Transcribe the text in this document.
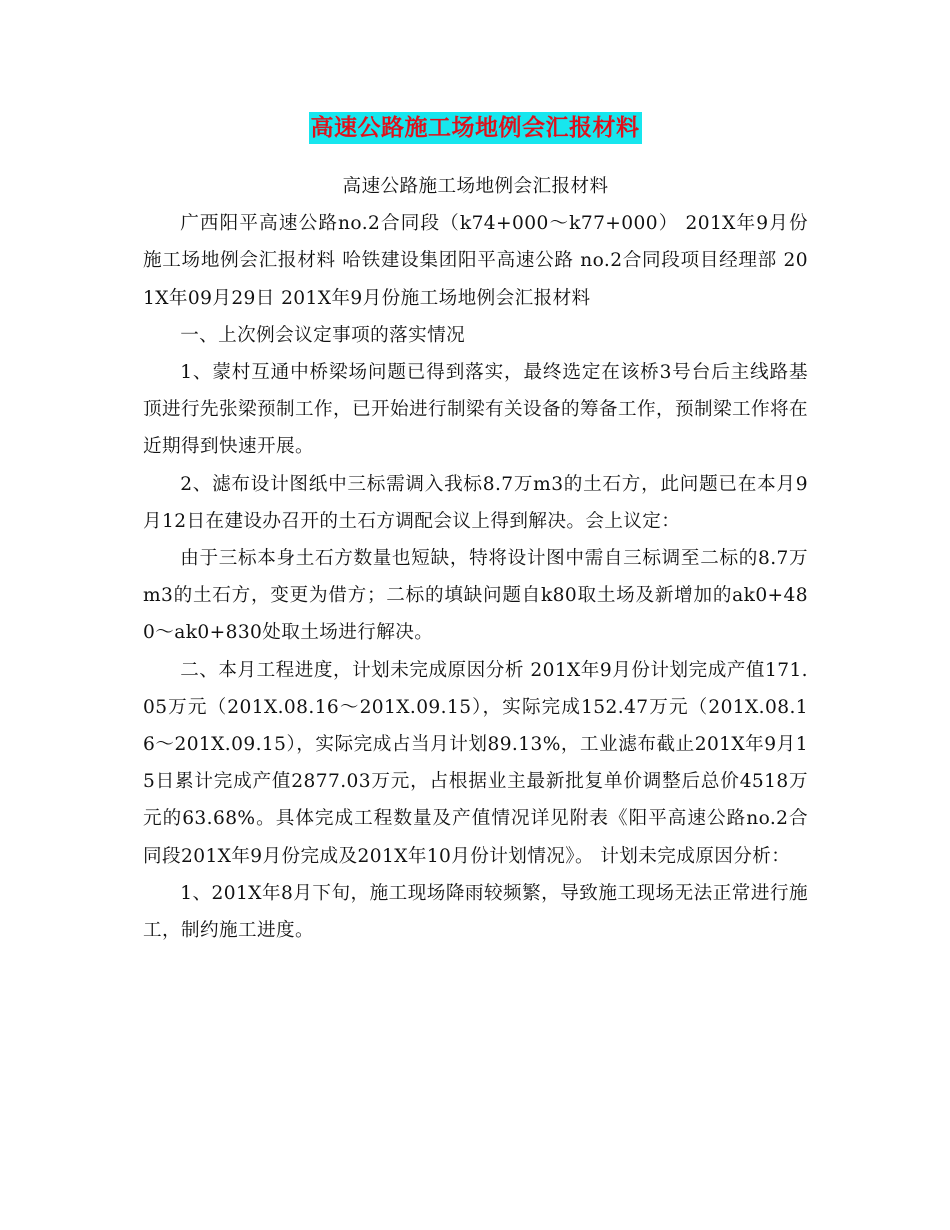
高速公路施工场地例会汇报材料

高速公路施工场地例会汇报材料

广西阳平高速公路no.2合同段（k74+000～k77+000） 201X年9月份施工场地例会汇报材料 哈铁建设集团阳平高速公路 no.2合同段项目经理部 201X年09月29日 201X年9月份施工场地例会汇报材料

一、上次例会议定事项的落实情况

1、蒙村互通中桥梁场问题已得到落实，最终选定在该桥3号台后主线路基顶进行先张梁预制工作，已开始进行制梁有关设备的筹备工作，预制梁工作将在近期得到快速开展。

2、滤布设计图纸中三标需调入我标8.7万m3的土石方，此问题已在本月9月12日在建设办召开的土石方调配会议上得到解决。会上议定：

由于三标本身土石方数量也短缺，特将设计图中需自三标调至二标的8.7万m3的土石方，变更为借方；二标的填缺问题自k80取土场及新增加的ak0+480～ak0+830处取土场进行解决。

二、本月工程进度，计划未完成原因分析 201X年9月份计划完成产值171.05万元（201X.08.16～201X.09.15），实际完成152.47万元（201X.08.16～201X.09.15），实际完成占当月计划89.13%，工业滤布截止201X年9月15日累计完成产值2877.03万元，占根据业主最新批复单价调整后总价4518万元的63.68%。具体完成工程数量及产值情况详见附表《阳平高速公路no.2合同段201X年9月份完成及201X年10月份计划情况》。 计划未完成原因分析：

1、201X年8月下旬，施工现场降雨较频繁，导致施工现场无法正常进行施工，制约施工进度。
